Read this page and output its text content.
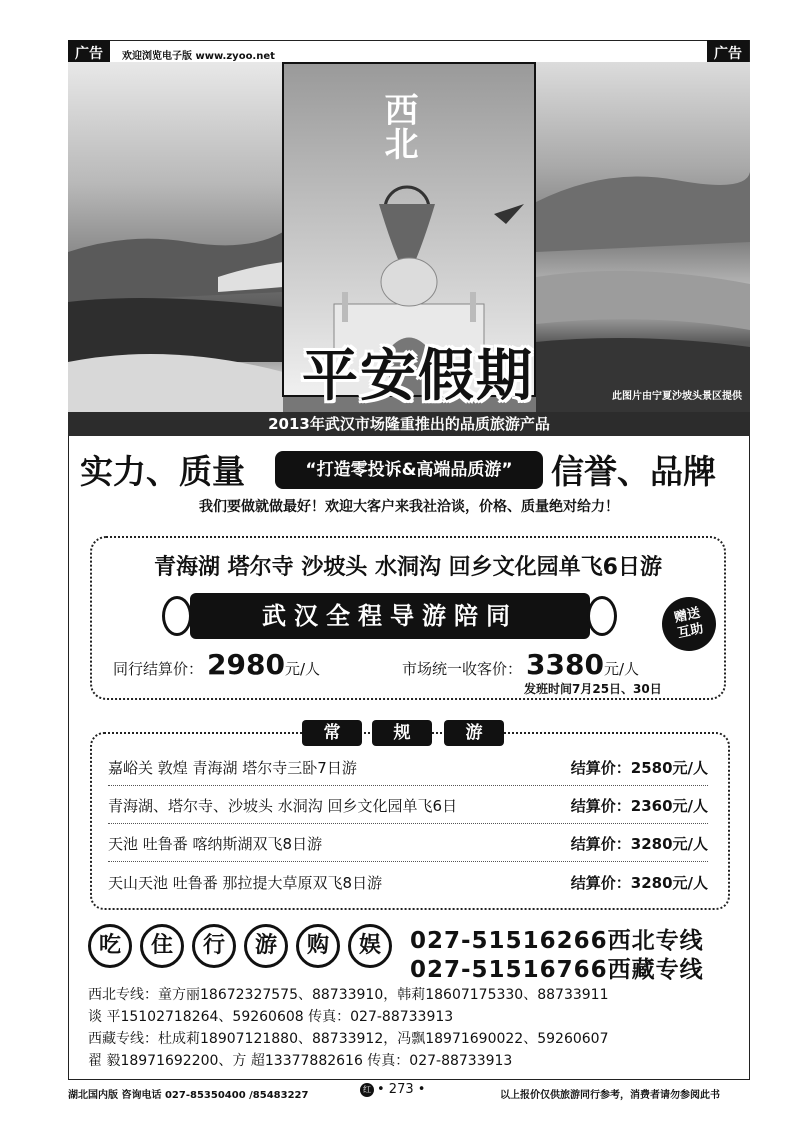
广告	欢迎浏览电子版 www.zyoo.net	广告
此图片由宁夏沙坡头景区提供
西北
平安假期
2013年武汉市场隆重推出的品质旅游产品
实力、质量	“打造零投诉&高端品质游”	信誉、品牌
我们要做就做最好！欢迎大客户来我社洽谈，价格、质量绝对给力！
青海湖 塔尔寺 沙坡头 水洞沟 回乡文化园单飞6日游
武汉全程导游陪同	赠送
互助
同行结算价： 2980元/人	市场统一收客价： 3380元/人
发班时间7月25日、30日
常	规	游
嘉峪关 敦煌 青海湖 塔尔寺三卧7日游	结算价：2580元/人
青海湖、塔尔寺、沙坡头 水洞沟 回乡文化园单飞6日	结算价：2360元/人
天池 吐鲁番 喀纳斯湖双飞8日游	结算价：3280元/人
天山天池 吐鲁番 那拉提大草原双飞8日游	结算价：3280元/人
吃	住	行	游	购	娱	027-51516266西北专线
027-51516766西藏专线
西北专线：童方丽18672327575、88733910，韩莉18607175330、88733911
谈 平15102718264、59260608 传真：027-88733913
西藏专线：杜成莉18907121880、88733912，冯飘18971690022、59260607
翟 毅18971692200、方 超13377882616 传真：027-88733913
湖北国内版 咨询电话 027-85350400 /85483227
红 • 273 •	以上报价仅供旅游同行参考，消费者请勿参阅此书
